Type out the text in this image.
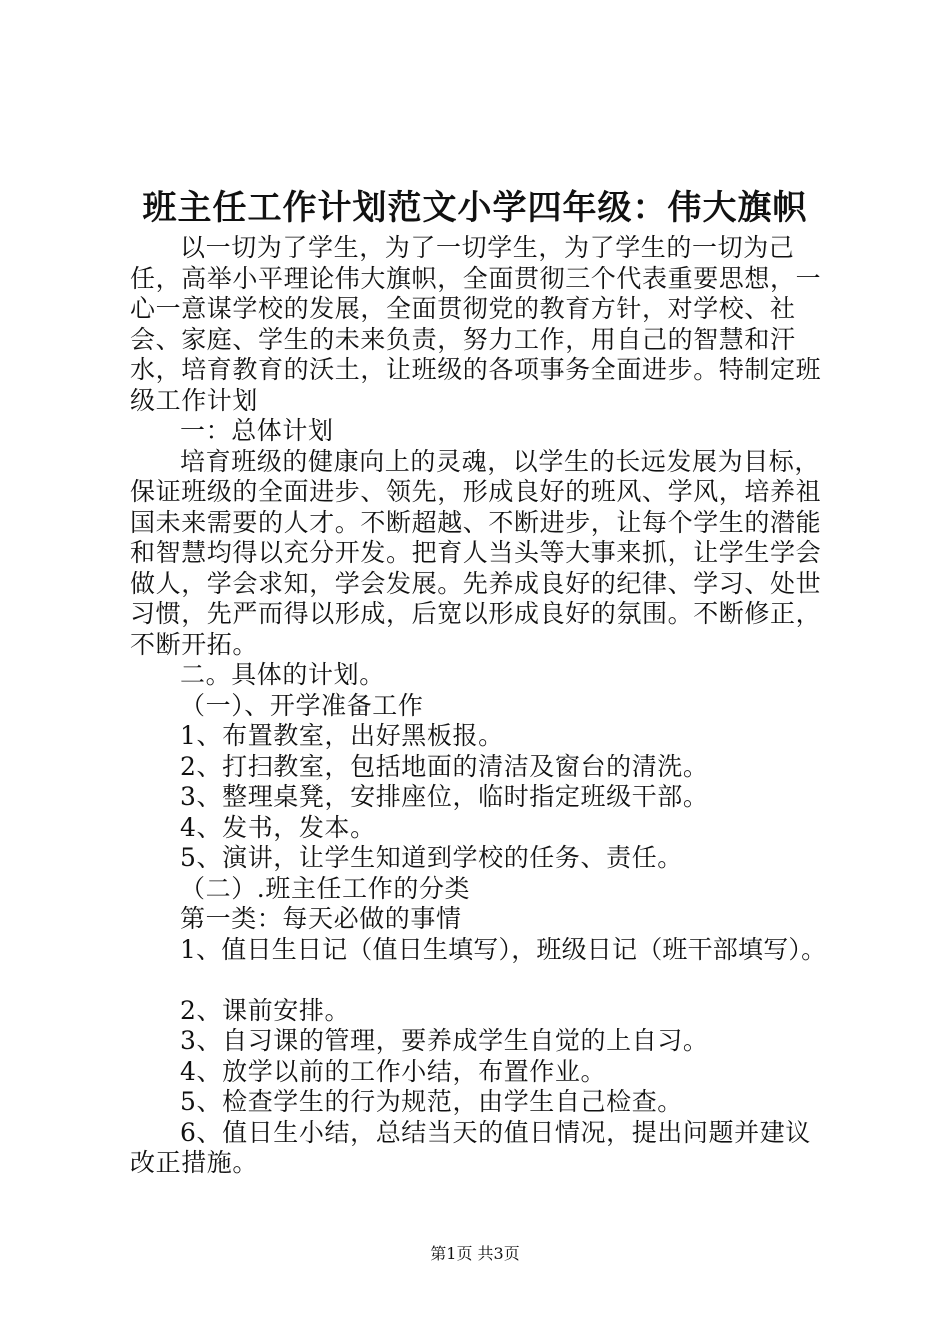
班主任工作计划范文小学四年级：伟大旗帜

以一切为了学生，为了一切学生，为了学生的一切为己任，高举小平理论伟大旗帜，全面贯彻三个代表重要思想，一心一意谋学校的发展，全面贯彻党的教育方针，对学校、社会、家庭、学生的未来负责，努力工作，用自己的智慧和汗水，培育教育的沃土，让班级的各项事务全面进步。特制定班级工作计划

一：总体计划

培育班级的健康向上的灵魂，以学生的长远发展为目标，保证班级的全面进步、领先，形成良好的班风、学风，培养祖国未来需要的人才。不断超越、不断进步，让每个学生的潜能和智慧均得以充分开发。把育人当头等大事来抓，让学生学会做人，学会求知，学会发展。先养成良好的纪律、学习、处世习惯，先严而得以形成，后宽以形成良好的氛围。不断修正，不断开拓。

二。具体的计划。

（一）、开学准备工作

1、布置教室，出好黑板报。

2、打扫教室，包括地面的清洁及窗台的清洗。

3、整理桌凳，安排座位，临时指定班级干部。

4、发书，发本。

5、演讲，让学生知道到学校的任务、责任。

（二）.班主任工作的分类

第一类：每天必做的事情

1、值日生日记（值日生填写），班级日记（班干部填写）。

2、课前安排。

3、自习课的管理，要养成学生自觉的上自习。

4、放学以前的工作小结，布置作业。

5、检查学生的行为规范，由学生自己检查。

6、值日生小结，总结当天的值日情况，提出问题并建议改正措施。

第1页 共3页
